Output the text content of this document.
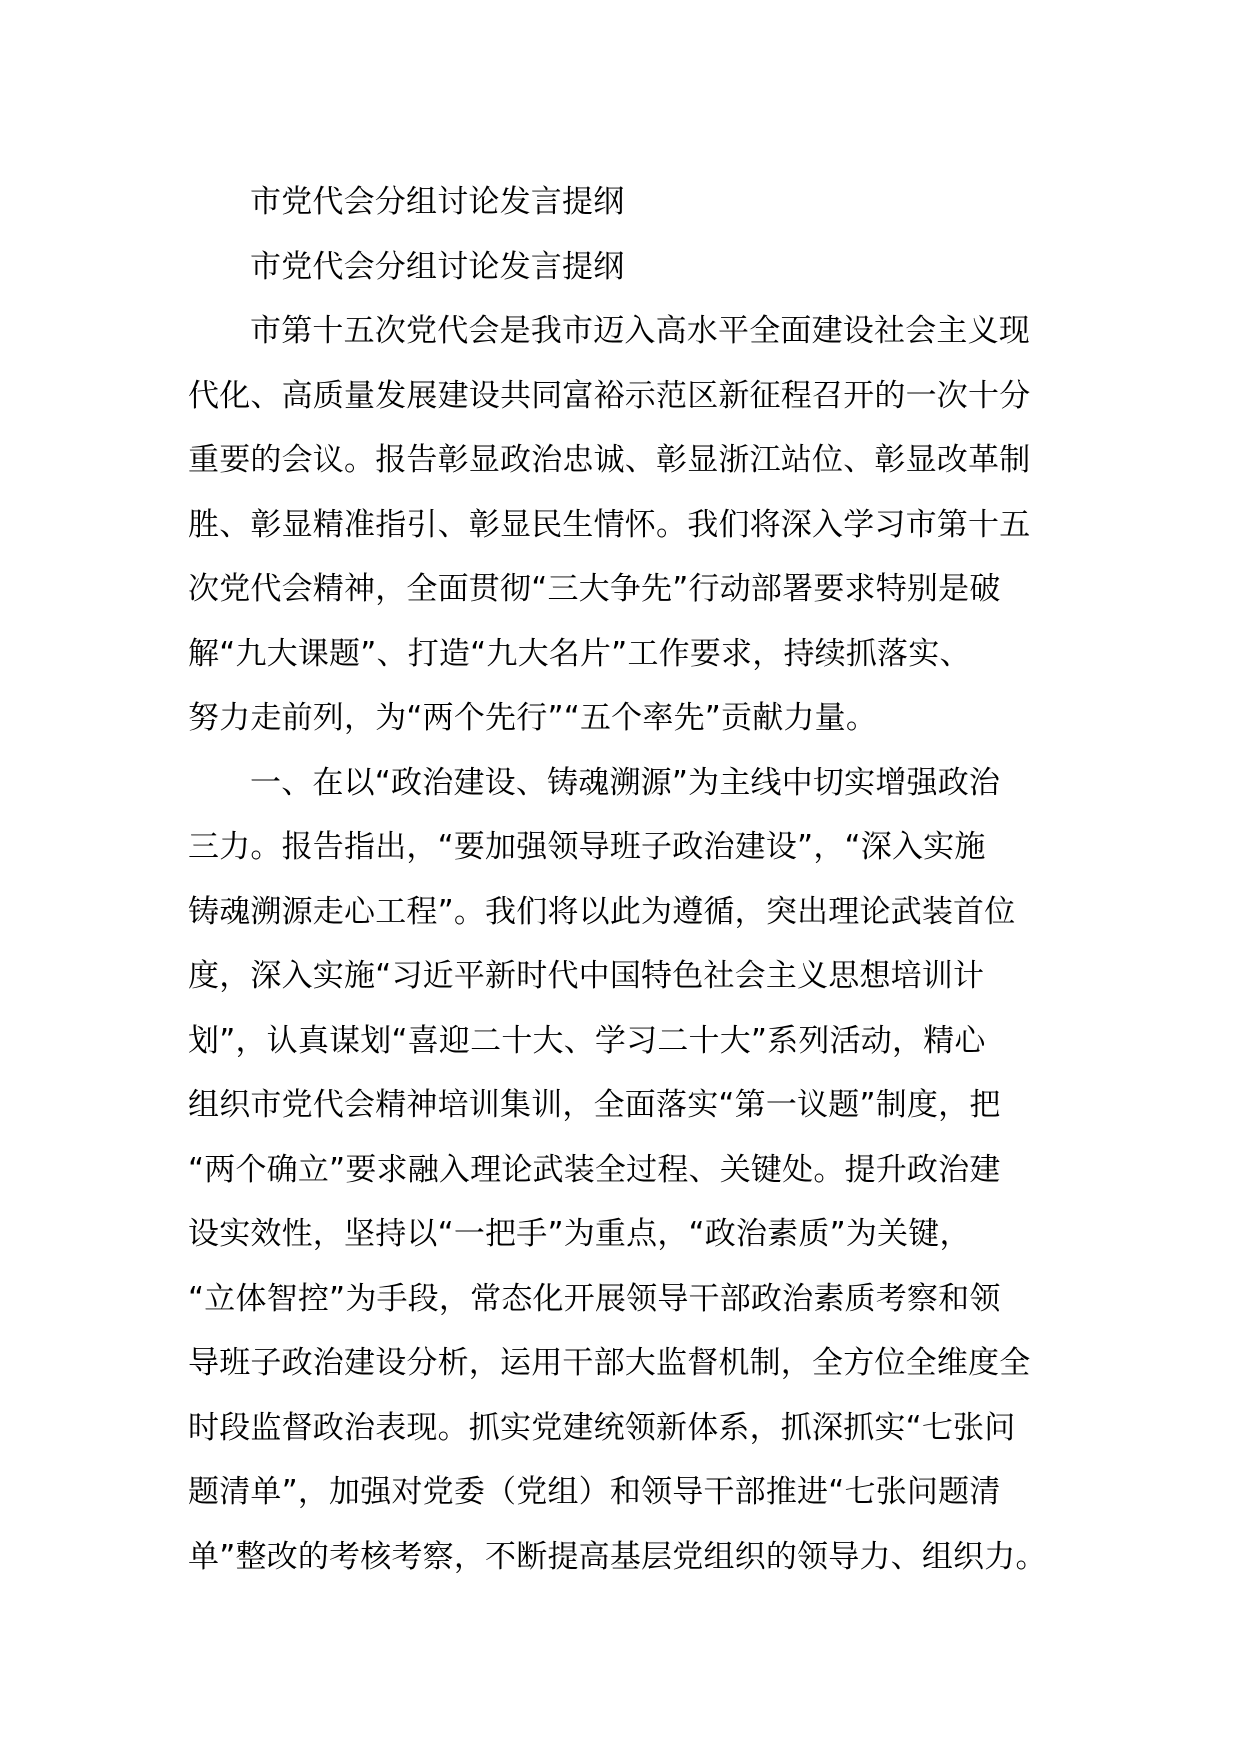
市党代会分组讨论发言提纲
市党代会分组讨论发言提纲
市第十五次党代会是我市迈入高水平全面建设社会主义现
代化、高质量发展建设共同富裕示范区新征程召开的一次十分
重要的会议。报告彰显政治忠诚、彰显浙江站位、彰显改革制
胜、彰显精准指引、彰显民生情怀。我们将深入学习市第十五
次党代会精神，全面贯彻“三大争先”行动部署要求特别是破
解“九大课题”、打造“九大名片”工作要求，持续抓落实、
努力走前列，为“两个先行”“五个率先”贡献力量。
一、在以“政治建设、铸魂溯源”为主线中切实增强政治
三力。报告指出，“要加强领导班子政治建设”，“深入实施
铸魂溯源走心工程”。我们将以此为遵循，突出理论武装首位
度，深入实施“习近平新时代中国特色社会主义思想培训计
划”，认真谋划“喜迎二十大、学习二十大”系列活动，精心
组织市党代会精神培训集训，全面落实“第一议题”制度，把
“两个确立”要求融入理论武装全过程、关键处。提升政治建
设实效性，坚持以“一把手”为重点，“政治素质”为关键，
“立体智控”为手段，常态化开展领导干部政治素质考察和领
导班子政治建设分析，运用干部大监督机制，全方位全维度全
时段监督政治表现。抓实党建统领新体系，抓深抓实“七张问
题清单”，加强对党委（党组）和领导干部推进“七张问题清
单”整改的考核考察，不断提高基层党组织的领导力、组织力。
